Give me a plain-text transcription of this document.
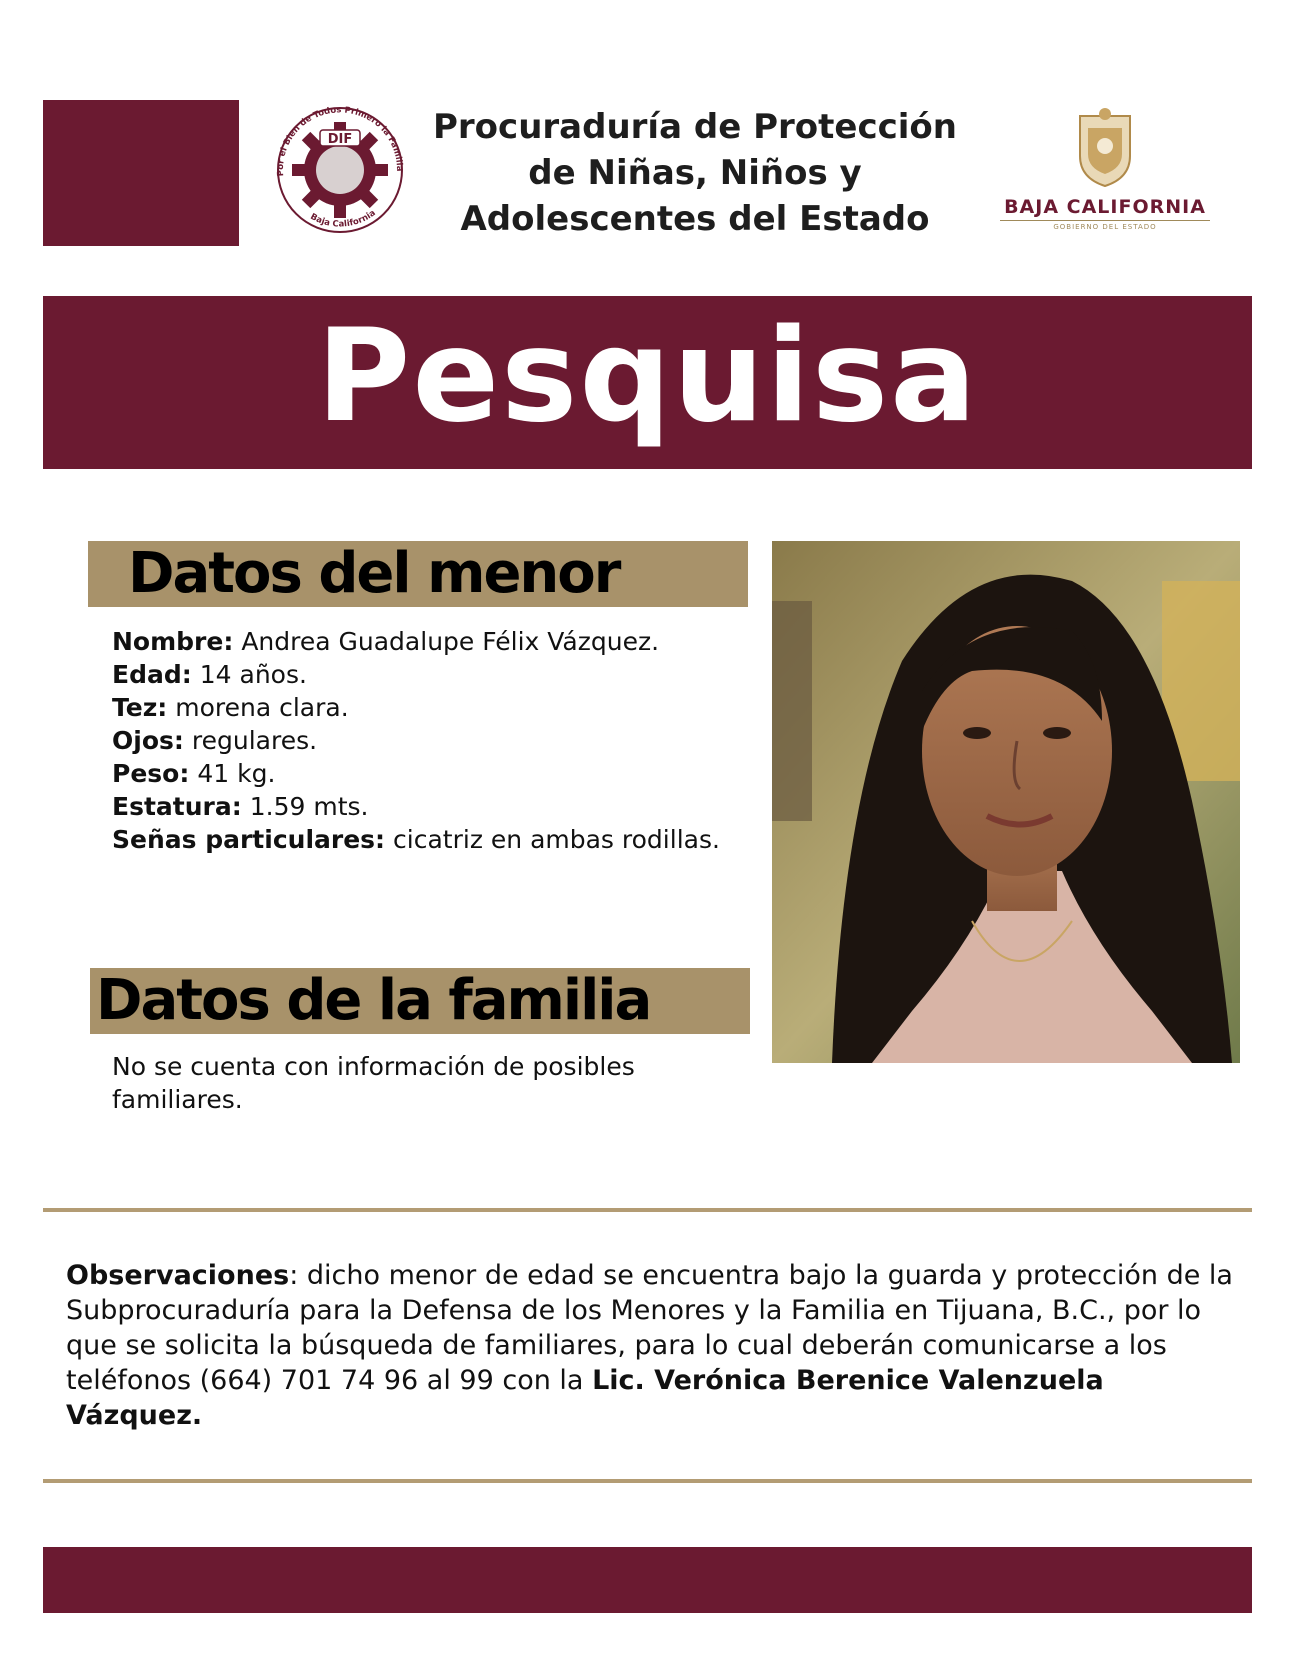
DIF
Por el Bien de Todos Primero la Familia
Baja California
Procuraduría de Protección
de Niñas, Niños y
Adolescentes del Estado	BAJA CALIFORNIA
GOBIERNO DEL ESTADO
Pesquisa
Datos del menor
Nombre: Andrea Guadalupe Félix Vázquez.
Edad: 14 años.
Tez: morena clara.
Ojos: regulares.
Peso: 41 kg.
Estatura: 1.59 mts.
Señas particulares: cicatriz en ambas rodillas.
Datos de la familia
No se cuenta con información de posibles familiares.
Observaciones: dicho menor de edad se encuentra bajo la guarda y protección de la Subprocuraduría para la Defensa de los Menores y la Familia en Tijuana, B.C., por lo que se solicita la búsqueda de familiares, para lo cual deberán comunicarse a los teléfonos (664) 701 74 96 al 99 con la Lic. Verónica Berenice Valenzuela Vázquez.
